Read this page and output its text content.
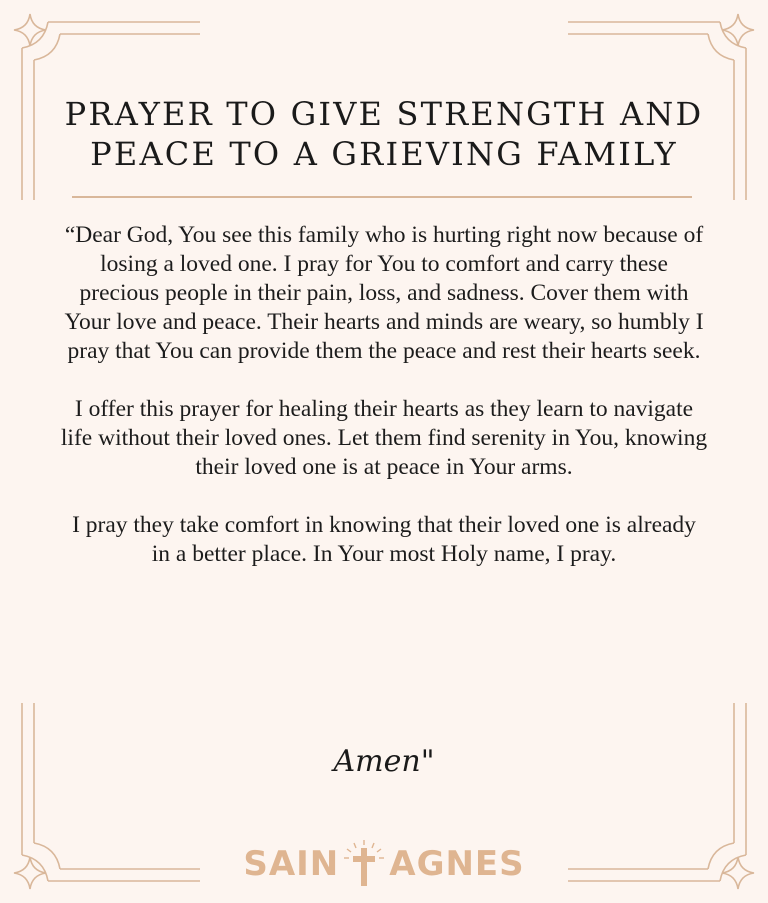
PRAYER TO GIVE STRENGTH AND PEACE TO A GRIEVING FAMILY

“Dear God, You see this family who is hurting right now because of losing a loved one. I pray for You to comfort and carry these precious people in their pain, loss, and sadness. Cover them with Your love and peace. Their hearts and minds are weary, so humbly I pray that You can provide them the peace and rest their hearts seek.

I offer this prayer for healing their hearts as they learn to navigate life without their loved ones. Let them find serenity in You, knowing their loved one is at peace in Your arms.

I pray they take comfort in knowing that their loved one is already in a better place. In Your most Holy name, I pray.

Amen"
SAIN AGNES
